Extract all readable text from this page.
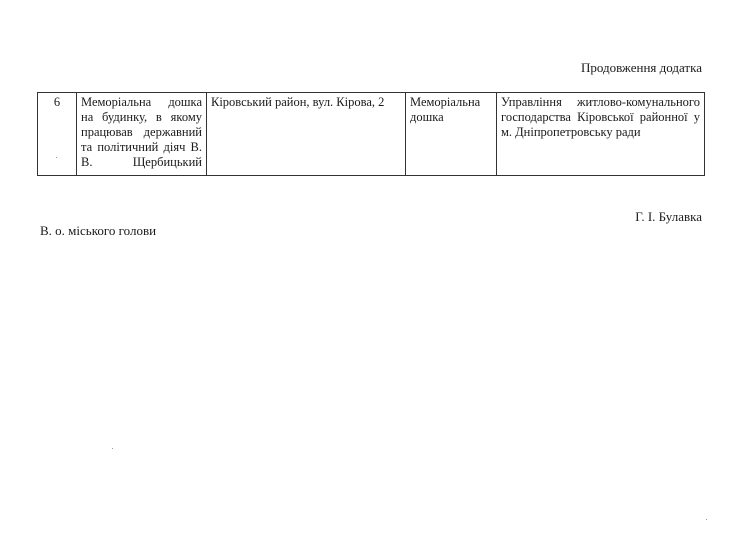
Продовження додатка
6	Меморіальна дошка на будинку, в якому працював державний та політичний діяч В. В. Щербицький	Кіровський район, вул. Кірова, 2	Меморіальна дошка	Управління житлово-комунального господарства Кіровської районної у м. Дніпропетровську ради
В. о. міського голови
Г. І. Булавка
